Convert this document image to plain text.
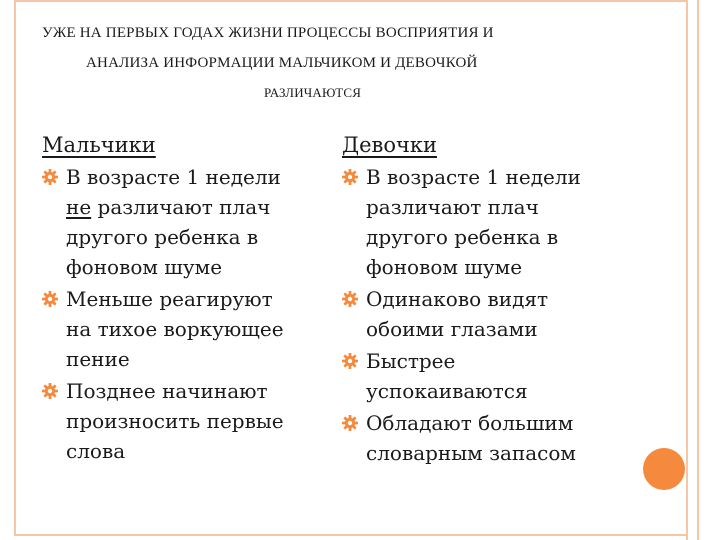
УЖЕ НА ПЕРВЫХ ГОДАХ ЖИЗНИ ПРОЦЕССЫ ВОСПРИЯТИЯ И
АНАЛИЗА ИНФОРМАЦИИ МАЛЬЧИКОМ И ДЕВОЧКОЙ
РАЗЛИЧАЮТСЯ
Мальчики
В возрасте 1 недели
не различают плач
другого ребенка в
фоновом шуме
Меньше реагируют
на тихое воркующее
пение
Позднее начинают
произносить первые
слова
Девочки
В возрасте 1 недели
различают плач
другого ребенка в
фоновом шуме
Одинаково видят
обоими глазами
Быстрее
успокаиваются
Обладают большим
словарным запасом
